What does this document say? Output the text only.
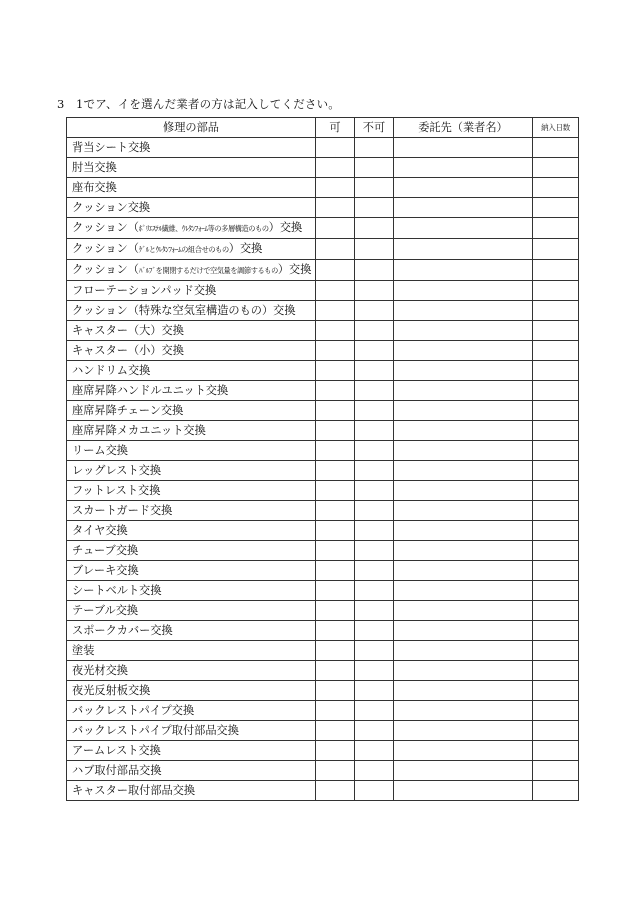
3 1でア、イを選んだ業者の方は記入してください。
修理の部品	可	不可	委託先（業者名）	納入日数
背当シート交換				
肘当交換				
座布交換				
クッション交換				
クッション（ﾎﾟﾘｴｽﾃﾙ繊維、ｳﾚﾀﾝﾌｫｰﾑ等の多層構造のもの）交換				
クッション（ｹﾞﾙとｳﾚﾀﾝﾌｫｰﾑの組合せのもの）交換				
クッション（ﾊﾞﾙﾌﾞを開閉するだけで空気量を調節するもの）交換				
フローテーションパッド交換				
クッション（特殊な空気室構造のもの）交換				
キャスター（大）交換				
キャスター（小）交換				
ハンドリム交換				
座席昇降ハンドルユニット交換				
座席昇降チェーン交換				
座席昇降メカユニット交換				
リーム交換				
レッグレスト交換				
フットレスト交換				
スカートガード交換				
タイヤ交換				
チューブ交換				
ブレーキ交換				
シートベルト交換				
テーブル交換				
スポークカバー交換				
塗装				
夜光材交換				
夜光反射板交換				
バックレストパイプ交換				
バックレストパイプ取付部品交換				
アームレスト交換				
ハブ取付部品交換				
キャスター取付部品交換				
